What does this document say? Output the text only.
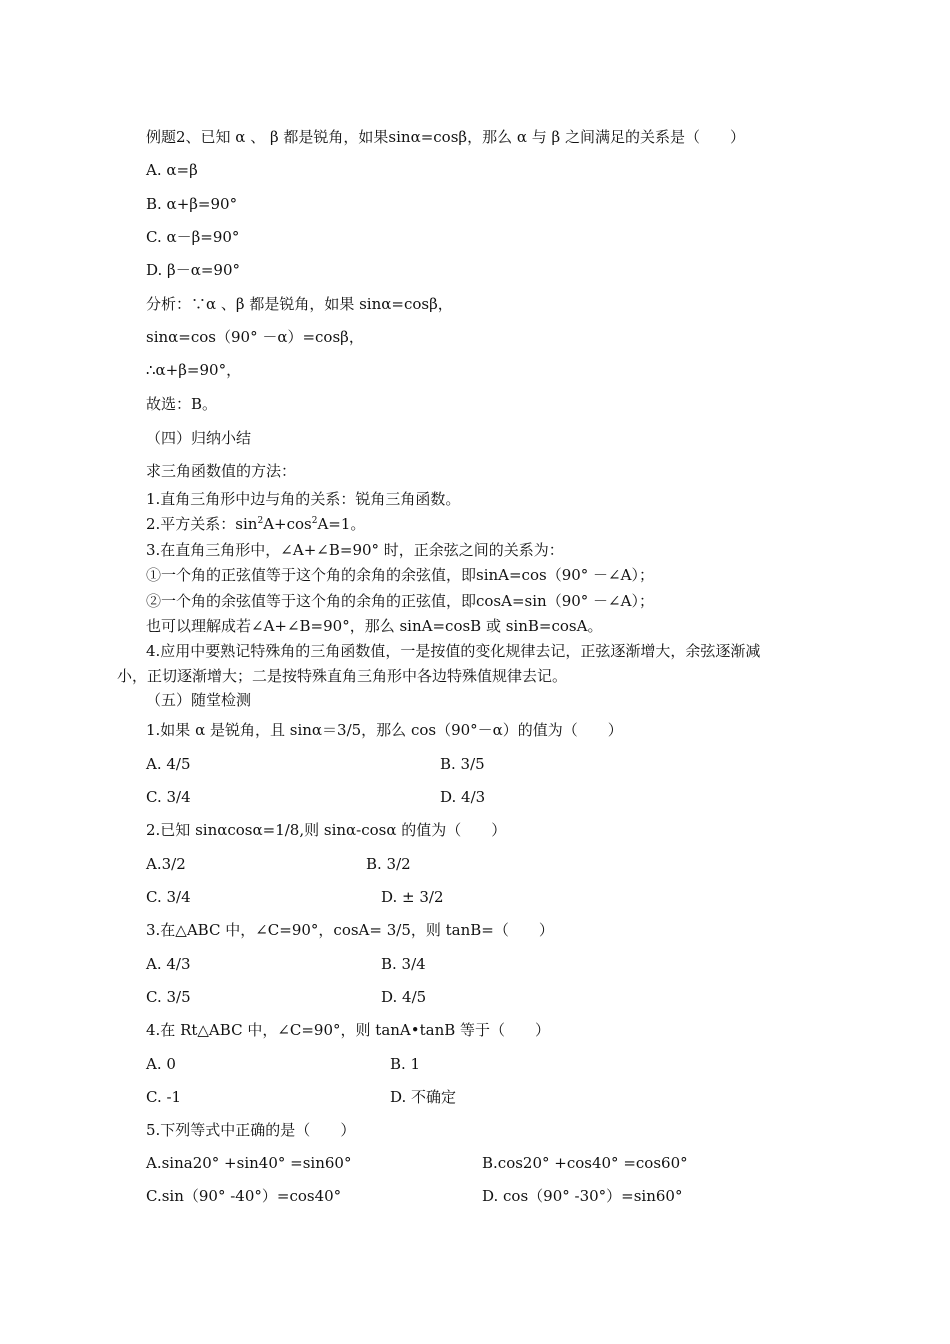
例题2、已知 α 、 β 都是锐角，如果sinα=cosβ，那么 α 与 β 之间满足的关系是（　　）
A. α=β
B. α+β=90°
C. α－β=90°
D. β－α=90°
分析：∵α 、β 都是锐角，如果 sinα=cosβ，
sinα=cos（90° －α）=cosβ，
∴α+β=90°，
故选：B。
（四）归纳小结
求三角函数值的方法：
1.直角三角形中边与角的关系：锐角三角函数。
2.平方关系：$\sin^2A+\cos^2A=1$。
3.在直角三角形中，∠A+∠B=90° 时，正余弦之间的关系为：
①一个角的正弦值等于这个角的余角的余弦值，即sinA=cos（90° －∠A）；
②一个角的余弦值等于这个角的余角的正弦值，即cosA=sin（90° －∠A）；
也可以理解成若∠A+∠B=90°，那么 sinA=cosB 或 sinB=cosA。
4.应用中要熟记特殊角的三角函数值，一是按值的变化规律去记，正弦逐渐增大，余弦逐渐减
小，正切逐渐增大；二是按特殊直角三角形中各边特殊值规律去记。
（五）随堂检测
1.如果 α 是锐角，且 sinα＝3/5，那么 cos（90°－α）的值为（　　）
A. 4/5	B. 3/5
C. 3/4	D. 4/3
2.已知 sinαcosα=1/8,则 sinα-cosα 的值为（　　）
A.3/2	B. 3/2
C. 3/4	D. ± 3/2
3.在△ABC 中，∠C=90°，cosA= 3/5，则 tanB=（　　）
A. 4/3	B. 3/4
C. 3/5	D. 4/5
4.在 Rt△ABC 中，∠C=90°，则 tanA•tanB 等于（　　）
A. 0	B. 1
C. -1	D. 不确定
5.下列等式中正确的是（　　）
A.sina20° +sin40° =sin60°	B.cos20° +cos40° =cos60°
C.sin（90° -40°）=cos40°	D. cos（90° -30°）=sin60°
